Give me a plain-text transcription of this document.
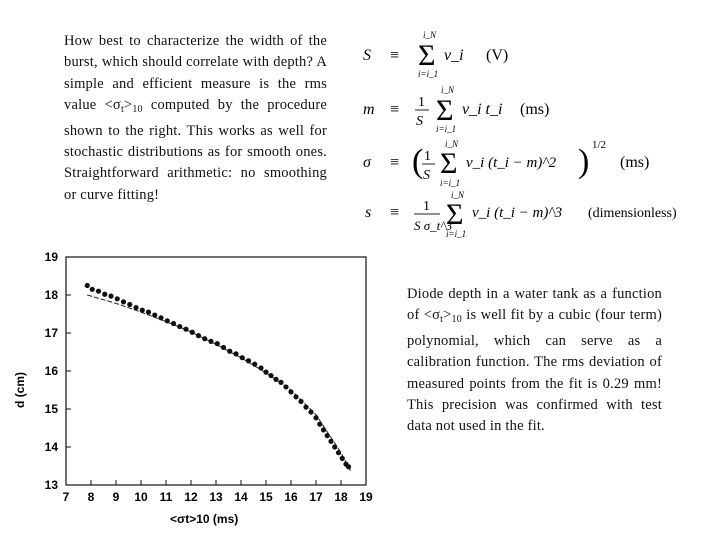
How best to characterize the width of the burst, which should correlate with depth? A simple and efficient measure is the rms value $<\sigma_t>_{10}$ computed by the procedure shown to the right. This works as well for stochastic distributions as for smooth ones. Straightforward arithmetic: no smoothing or curve fitting!

S ≡ Σ
i_N
i=i_1
v_i (V)
m ≡ 1
S Σ
i_N
i=i_1
v_i t_i (ms)
σ ≡ ( 1
S Σ
i_N
i=i_1
v_i (t_i − m)^2 ) 1/2
(ms)
s ≡ 1
S σ_t^3
Σ
i_N
i=i_1
v_i (t_i − m)^3 (dimensionless)
7 8 9 10 11 12 13 14 15 16 17 18 19
13
14
15
16
17
18
19
<σt>10 (ms)
d (cm)

Diode depth in a water tank as a function of $<\sigma_t>_{10}$ is well fit by a cubic (four term) polynomial, which can serve as a calibration function. The rms deviation of measured points from the fit is 0.29 mm! This precision was confirmed with test data not used in the fit.
